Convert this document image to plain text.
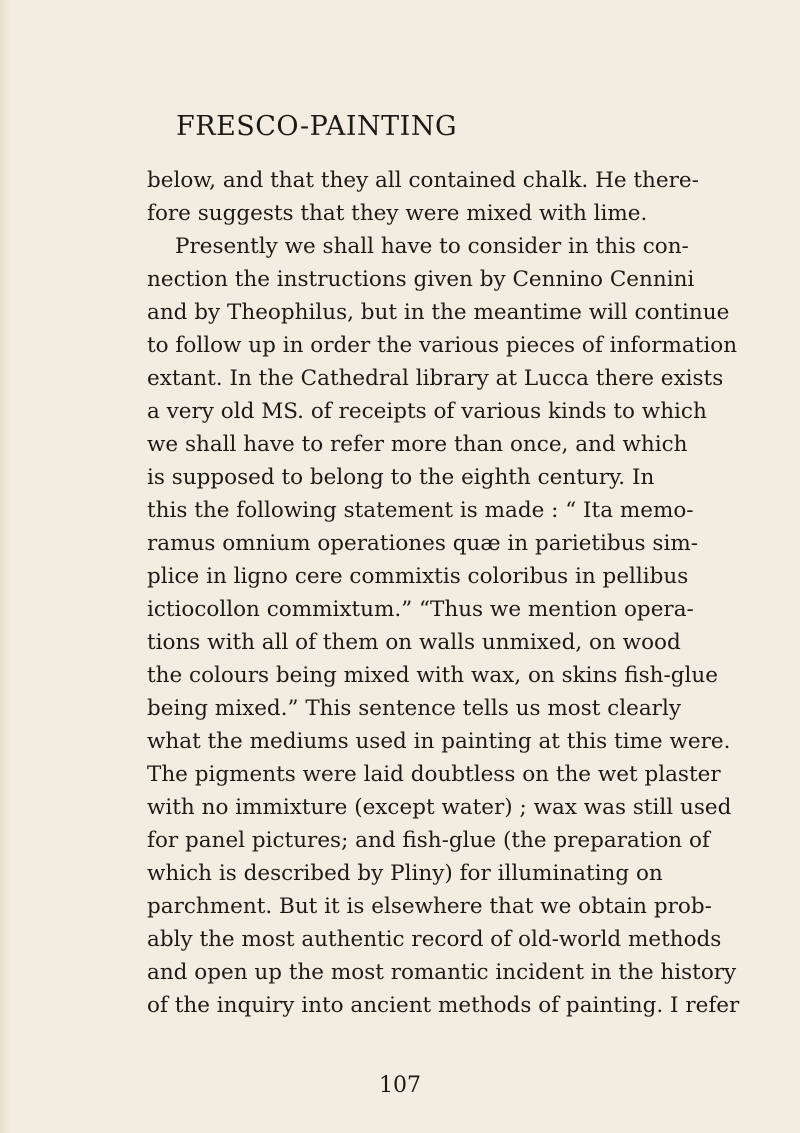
FRESCO-PAINTING
below, and that they all contained chalk. He there-
fore suggests that they were mixed with lime.
Presently we shall have to consider in this con-
nection the instructions given by Cennino Cennini
and by Theophilus, but in the meantime will continue
to follow up in order the various pieces of information
extant. In the Cathedral library at Lucca there exists
a very old MS. of receipts of various kinds to which
we shall have to refer more than once, and which
is supposed to belong to the eighth century. In
this the following statement is made : “ Ita memo-
ramus omnium operationes quæ in parietibus sim-
plice in ligno cere commixtis coloribus in pellibus
ictiocollon commixtum.” “Thus we mention opera-
tions with all of them on walls unmixed, on wood
the colours being mixed with wax, on skins fish-glue
being mixed.” This sentence tells us most clearly
what the mediums used in painting at this time were.
The pigments were laid doubtless on the wet plaster
with no immixture (except water) ; wax was still used
for panel pictures; and fish-glue (the preparation of
which is described by Pliny) for illuminating on
parchment. But it is elsewhere that we obtain prob-
ably the most authentic record of old-world methods
and open up the most romantic incident in the history
of the inquiry into ancient methods of painting. I refer
107
